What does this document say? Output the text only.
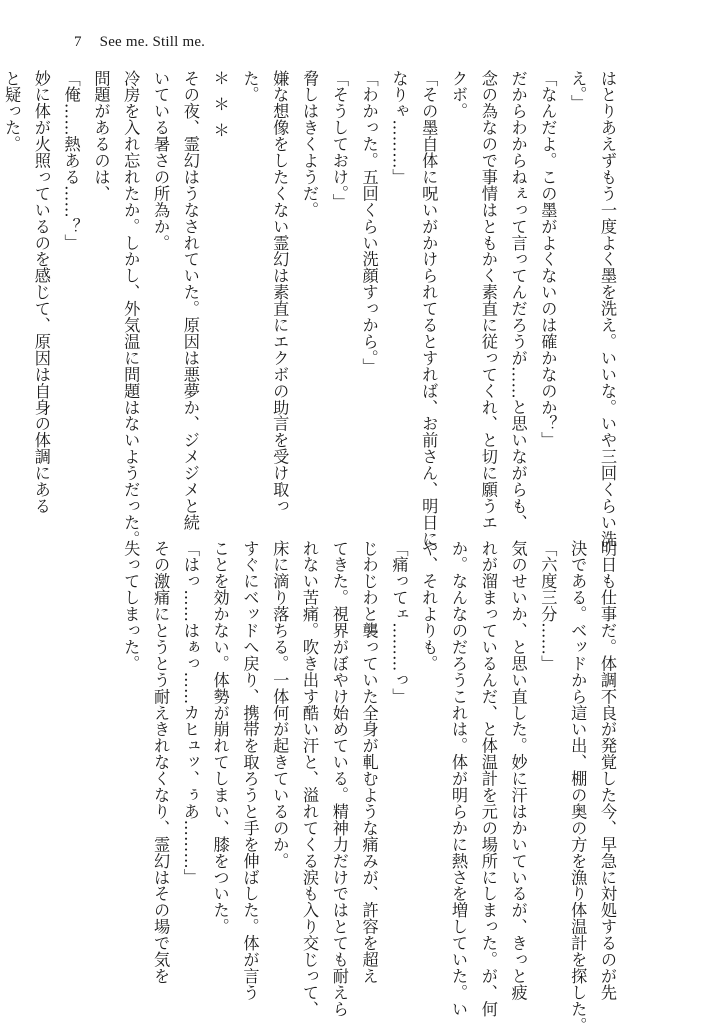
7 See me. Still me.

はとりあえずもう一度よく墨を洗え。いいな。いや三回くらい洗

え。」

「なんだよ。この墨がよくないのは確かなのか？」

だからわからねぇって言ってんだろうが……と思いながらも、

念の為なので事情はともかく素直に従ってくれ、と切に願うエ

クボ。

「その墨自体に呪いがかけられてるとすれば、お前さん、明日に

なりゃ………」

「わかった。五回くらい洗顔すっから。」

「そうしておけ。」

脅しはきくようだ。

嫌な想像をしたくない霊幻は素直にエクボの助言を受け取っ

た。

＊＊＊

その夜、霊幻はうなされていた。原因は悪夢か、ジメジメと続

いている暑さの所為か。

冷房を入れ忘れたか。しかし、外気温に問題はないようだった。

問題があるのは、

「俺……熱ある……？」

妙に体が火照っているのを感じて、原因は自身の体調にある

と疑った。

明日も仕事だ。体調不良が発覚した今、早急に対処するのが先

決である。ベッドから這い出、棚の奥の方を漁り体温計を探した。

「六度三分……」

気のせいか、と思い直した。妙に汗はかいているが、きっと疲

れが溜まっているんだ、と体温計を元の場所にしまった。が、何

か。なんなのだろうこれは。体が明らかに熱さを増していた。い

や、それよりも。

「痛ってェ………っ」

じわじわと襲っていた全身が軋むような痛みが、許容を超え

てきた。視界がぼやけ始めている。精神力だけではとても耐えら

れない苦痛。吹き出す酷い汗と、溢れてくる涙も入り交じって、

床に滴り落ちる。一体何が起きているのか。

すぐにベッドへ戻り、携帯を取ろうと手を伸ばした。体が言う

ことを効かない。体勢が崩れてしまい、膝をついた。

「はっ……はぁっ……カヒュッ、ぅあ………」

その激痛にとうとう耐えきれなくなり、霊幻はその場で気を

失ってしまった。
